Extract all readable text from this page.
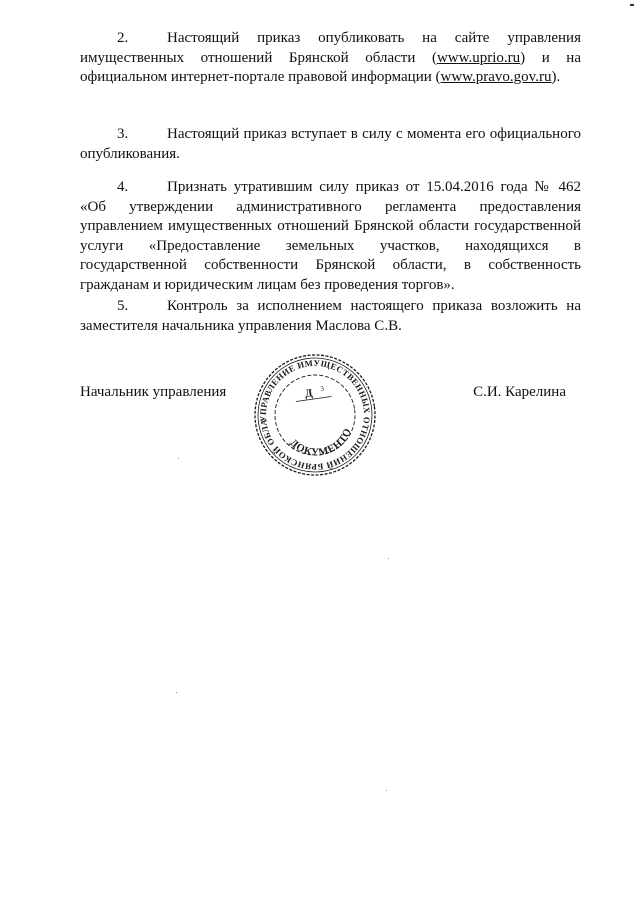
2.	Настоящий приказ опубликовать на сайте управления имущественных отношений Брянской области (www.uprio.ru) и на официальном интернет-портале правовой информации (www.pravo.gov.ru).
3.	Настоящий приказ вступает в силу с момента его официального опубликования.
4.	Признать утратившим силу приказ от 15.04.2016 года № 462 «Об утверждении административного регламента предоставления управлением имущественных отношений Брянской области государственной услуги «Предоставление земельных участков, находящихся в государственной собственности Брянской области, в собственность гражданам и юридическим лицам без проведения торгов».
5.	Контроль за исполнением настоящего приказа возложить на заместителя начальника управления Маслова С.В.
Начальник управления	С.И. Карелина
УПРАВЛЕНИЕ ИМУЩЕСТВЕННЫХ ОТНОШЕНИЙ БРЯНСКОЙ ОБЛАСТИ
Д 3
ДОКУМЕНТОВ
